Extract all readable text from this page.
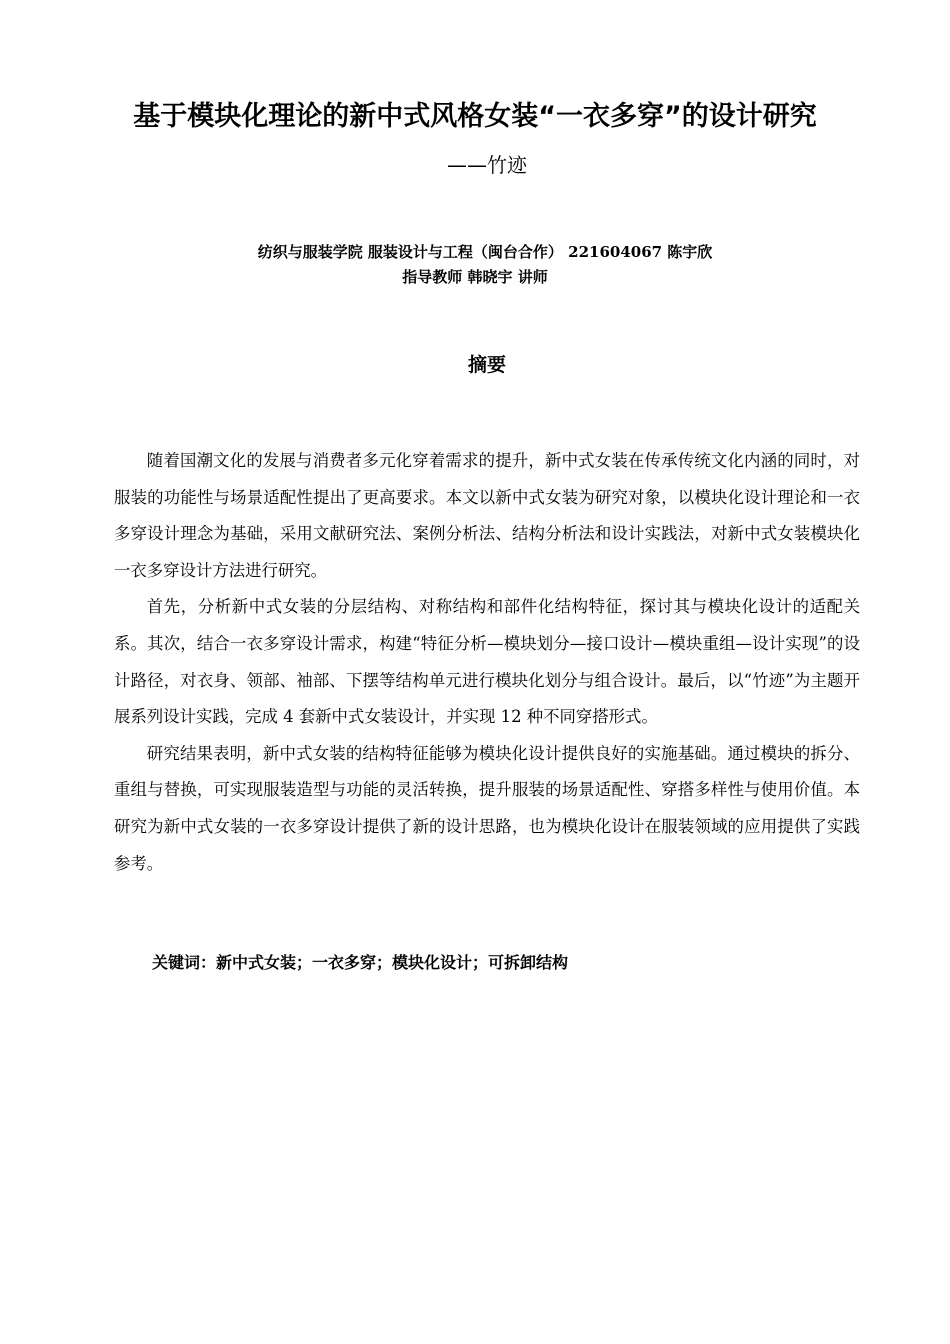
基于模块化理论的新中式风格女装“一衣多穿”的设计研究
——竹迹
纺织与服装学院 服装设计与工程（闽台合作） 221604067 陈宇欣
指导教师 韩晓宇 讲师
摘要

随着国潮文化的发展与消费者多元化穿着需求的提升，新中式女装在传承传统文化内涵的同时，对服装的功能性与场景适配性提出了更高要求。本文以新中式女装为研究对象，以模块化设计理论和一衣多穿设计理念为基础，采用文献研究法、案例分析法、结构分析法和设计实践法，对新中式女装模块化一衣多穿设计方法进行研究。

首先，分析新中式女装的分层结构、对称结构和部件化结构特征，探讨其与模块化设计的适配关系。其次，结合一衣多穿设计需求，构建“特征分析—模块划分—接口设计—模块重组—设计实现”的设计路径，对衣身、领部、袖部、下摆等结构单元进行模块化划分与组合设计。最后，以“竹迹”为主题开展系列设计实践，完成 4 套新中式女装设计，并实现 12 种不同穿搭形式。

研究结果表明，新中式女装的结构特征能够为模块化设计提供良好的实施基础。通过模块的拆分、重组与替换，可实现服装造型与功能的灵活转换，提升服装的场景适配性、穿搭多样性与使用价值。本研究为新中式女装的一衣多穿设计提供了新的设计思路，也为模块化设计在服装领域的应用提供了实践参考。

关键词：新中式女装；一衣多穿；模块化设计；可拆卸结构
